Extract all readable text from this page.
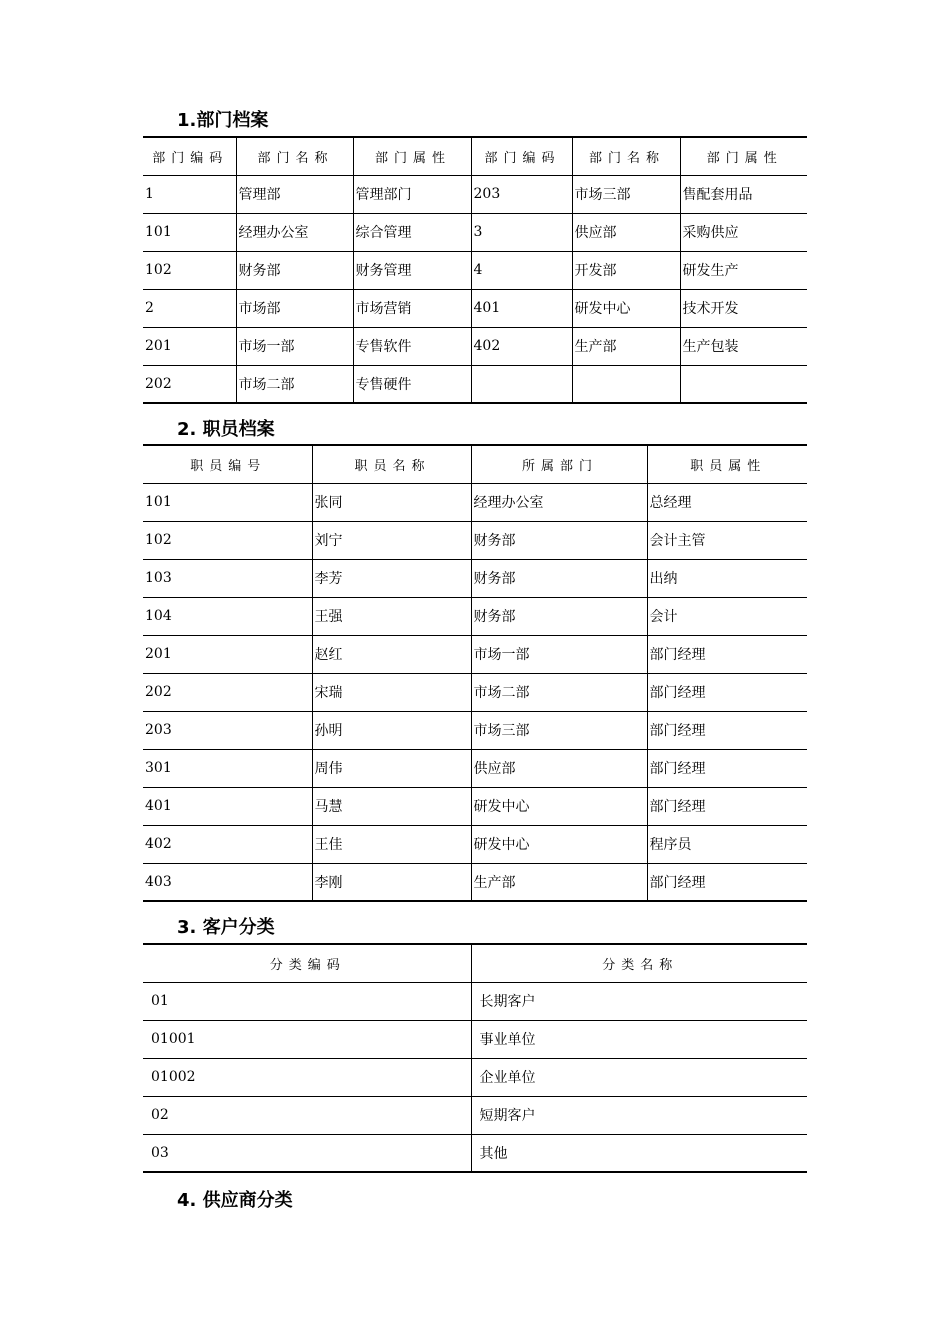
1.部门档案
部门编码	部门名称	部门属性	部门编码	部门名称	部门属性
1	管理部	管理部门	203	市场三部	售配套用品
101	经理办公室	综合管理	3	供应部	采购供应
102	财务部	财务管理	4	开发部	研发生产
2	市场部	市场营销	401	研发中心	技术开发
201	市场一部	专售软件	402	生产部	生产包装
202	市场二部	专售硬件			
2. 职员档案
职员编号	职员名称	所属部门	职员属性
101	张同	经理办公室	总经理
102	刘宁	财务部	会计主管
103	李芳	财务部	出纳
104	王强	财务部	会计
201	赵红	市场一部	部门经理
202	宋瑞	市场二部	部门经理
203	孙明	市场三部	部门经理
301	周伟	供应部	部门经理
401	马慧	研发中心	部门经理
402	王佳	研发中心	程序员
403	李刚	生产部	部门经理
3. 客户分类
分类编码	分类名称
01	长期客户
01001	事业单位
01002	企业单位
02	短期客户
03	其他
4. 供应商分类
